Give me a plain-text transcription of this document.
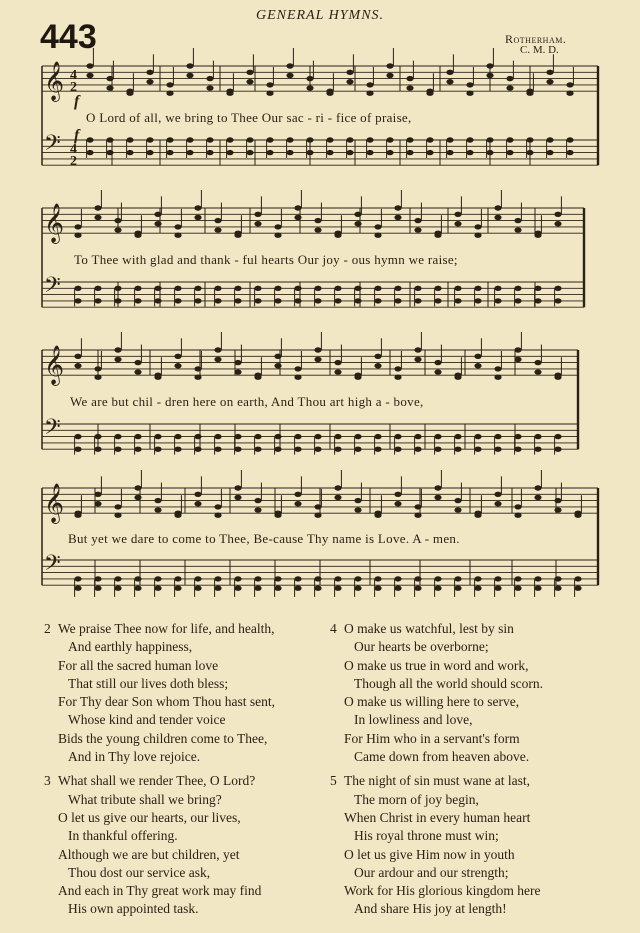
443
GENERAL HYMNS.
Rotherham.
C. M. D.
𝄞
𝄢
𝄞
𝄢
𝄞
𝄢
𝄞
𝄢
4
2
4
2
f
f
O Lord of all, we bring to Thee Our sac - ri - fice of praise,
To Thee with glad and thank - ful hearts Our joy - ous hymn we raise;
We are but chil - dren here on earth, And Thou art high a - bove,
But yet we dare to come to Thee, Be-cause Thy name is Love. A - men.
2 We praise Thee now for life, and health,
And earthly happiness,
For all the sacred human love
That still our lives doth bless;
For Thy dear Son whom Thou hast sent,
Whose kind and tender voice
Bids the young children come to Thee,
And in Thy love rejoice.
3 What shall we render Thee, O Lord?
What tribute shall we bring?
O let us give our hearts, our lives,
In thankful offering.
Although we are but children, yet
Thou dost our service ask,
And each in Thy great work may find
His own appointed task.
4 O make us watchful, lest by sin
Our hearts be overborne;
O make us true in word and work,
Though all the world should scorn.
O make us willing here to serve,
In lowliness and love,
For Him who in a servant's form
Came down from heaven above.
5 The night of sin must wane at last,
The morn of joy begin,
When Christ in every human heart
His royal throne must win;
O let us give Him now in youth
Our ardour and our strength;
Work for His glorious kingdom here
And share His joy at length!
